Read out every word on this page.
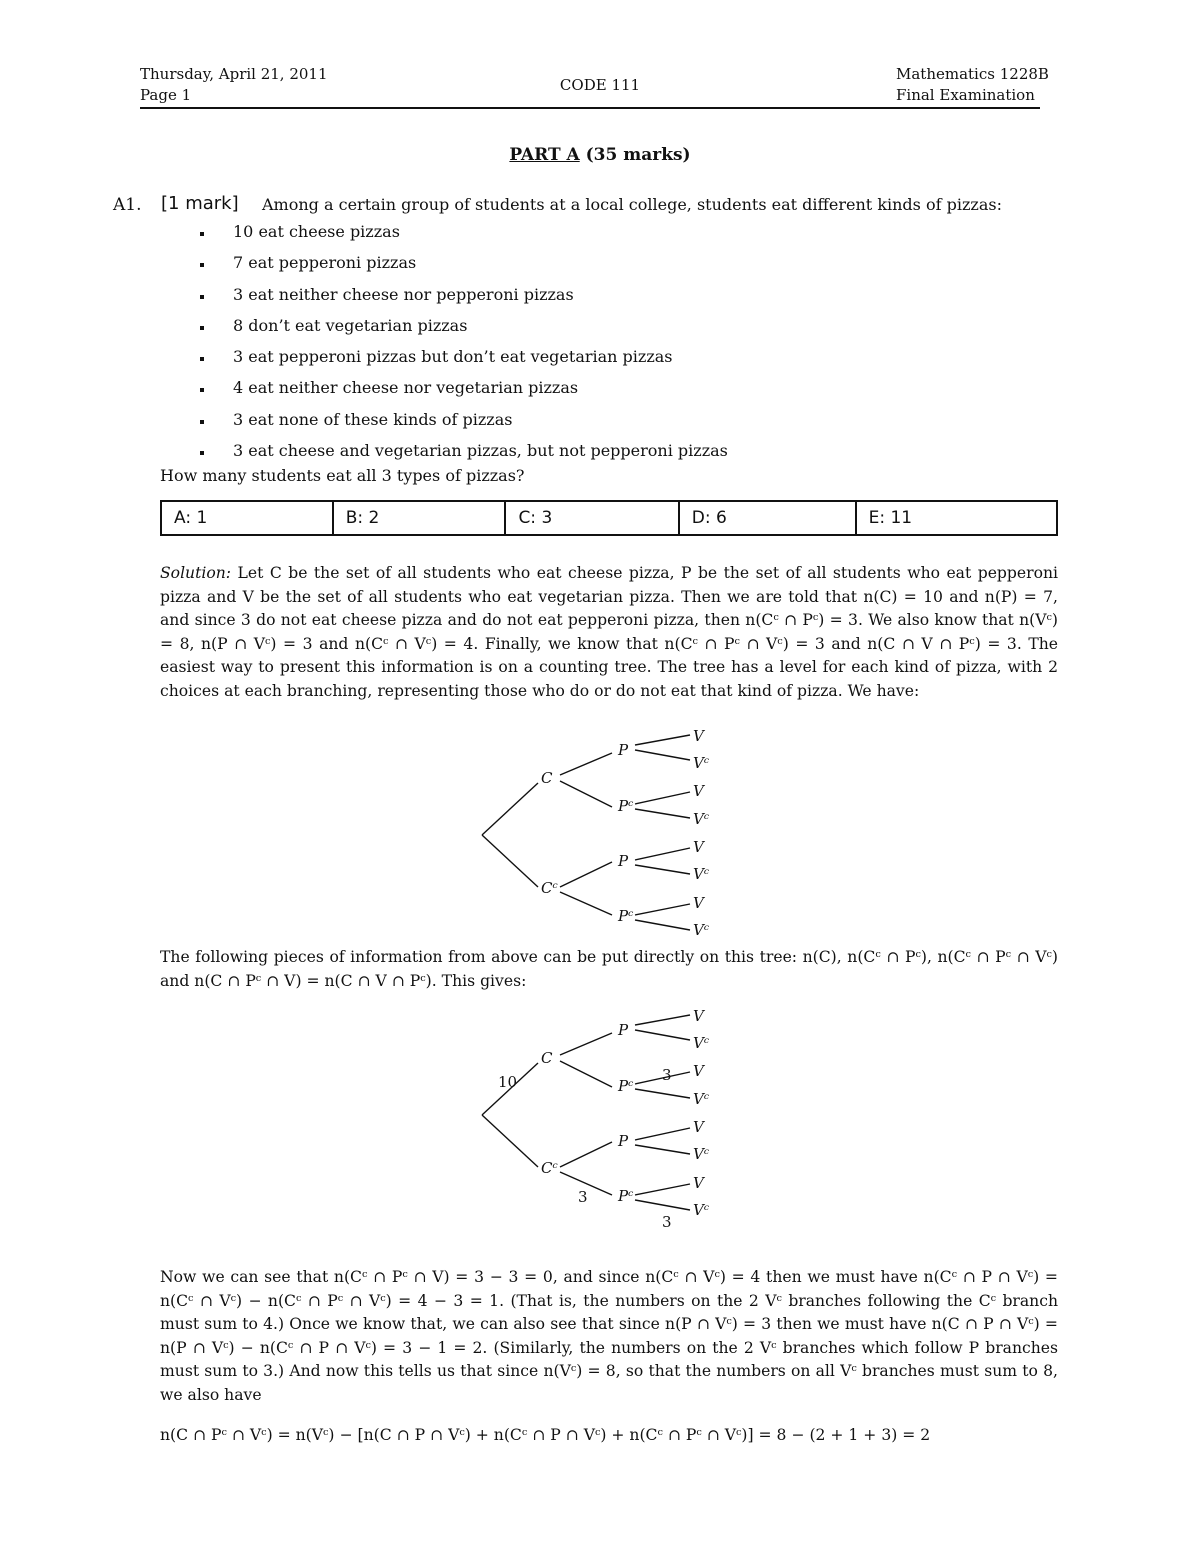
Thursday, April 21, 2011
Page 1
CODE 111
Mathematics 1228B
Final Examination
PART A (35 marks)
A1. [1 mark] Among a certain group of students at a local college, students eat different kinds of pizzas:
10 eat cheese pizzas
7 eat pepperoni pizzas
3 eat neither cheese nor pepperoni pizzas
8 don’t eat vegetarian pizzas
3 eat pepperoni pizzas but don’t eat vegetarian pizzas
4 eat neither cheese nor vegetarian pizzas
3 eat none of these kinds of pizzas
3 eat cheese and vegetarian pizzas, but not pepperoni pizzas
How many students eat all 3 types of pizzas?
A: 1	B: 2	C: 3	D: 6	E: 11

Solution: Let C be the set of all students who eat cheese pizza, P be the set of all students who eat pepperoni pizza and V be the set of all students who eat vegetarian pizza. Then we are told that n(C) = 10 and n(P) = 7, and since 3 do not eat cheese pizza and do not eat pepperoni pizza, then n(Cᶜ ∩ Pᶜ) = 3. We also know that n(Vᶜ) = 8, n(P ∩ Vᶜ) = 3 and n(Cᶜ ∩ Vᶜ) = 4. Finally, we know that n(Cᶜ ∩ Pᶜ ∩ Vᶜ) = 3 and n(C ∩ V ∩ Pᶜ) = 3. The easiest way to present this information is on a counting tree. The tree has a level for each kind of pizza, with 2 choices at each branching, representing those who do or do not eat that kind of pizza. We have:

C
Cᶜ
P
Pᶜ
P
Pᶜ
V
Vᶜ
V
Vᶜ
V
Vᶜ
V
Vᶜ

The following pieces of information from above can be put directly on this tree: n(C), n(Cᶜ ∩ Pᶜ), n(Cᶜ ∩ Pᶜ ∩ Vᶜ) and n(C ∩ Pᶜ ∩ V) = n(C ∩ V ∩ Pᶜ). This gives:

C
Cᶜ
P
Pᶜ
P
Pᶜ
V
Vᶜ
V
Vᶜ
V
Vᶜ
V
Vᶜ
10	3
3
3

Now we can see that n(Cᶜ ∩ Pᶜ ∩ V) = 3 − 3 = 0, and since n(Cᶜ ∩ Vᶜ) = 4 then we must have n(Cᶜ ∩ P ∩ Vᶜ) = n(Cᶜ ∩ Vᶜ) − n(Cᶜ ∩ Pᶜ ∩ Vᶜ) = 4 − 3 = 1. (That is, the numbers on the 2 Vᶜ branches following the Cᶜ branch must sum to 4.) Once we know that, we can also see that since n(P ∩ Vᶜ) = 3 then we must have n(C ∩ P ∩ Vᶜ) = n(P ∩ Vᶜ) − n(Cᶜ ∩ P ∩ Vᶜ) = 3 − 1 = 2. (Similarly, the numbers on the 2 Vᶜ branches which follow P branches must sum to 3.) And now this tells us that since n(Vᶜ) = 8, so that the numbers on all Vᶜ branches must sum to 8, we also have

n(C ∩ Pᶜ ∩ Vᶜ) = n(Vᶜ) − [n(C ∩ P ∩ Vᶜ) + n(Cᶜ ∩ P ∩ Vᶜ) + n(Cᶜ ∩ Pᶜ ∩ Vᶜ)] = 8 − (2 + 1 + 3) = 2
